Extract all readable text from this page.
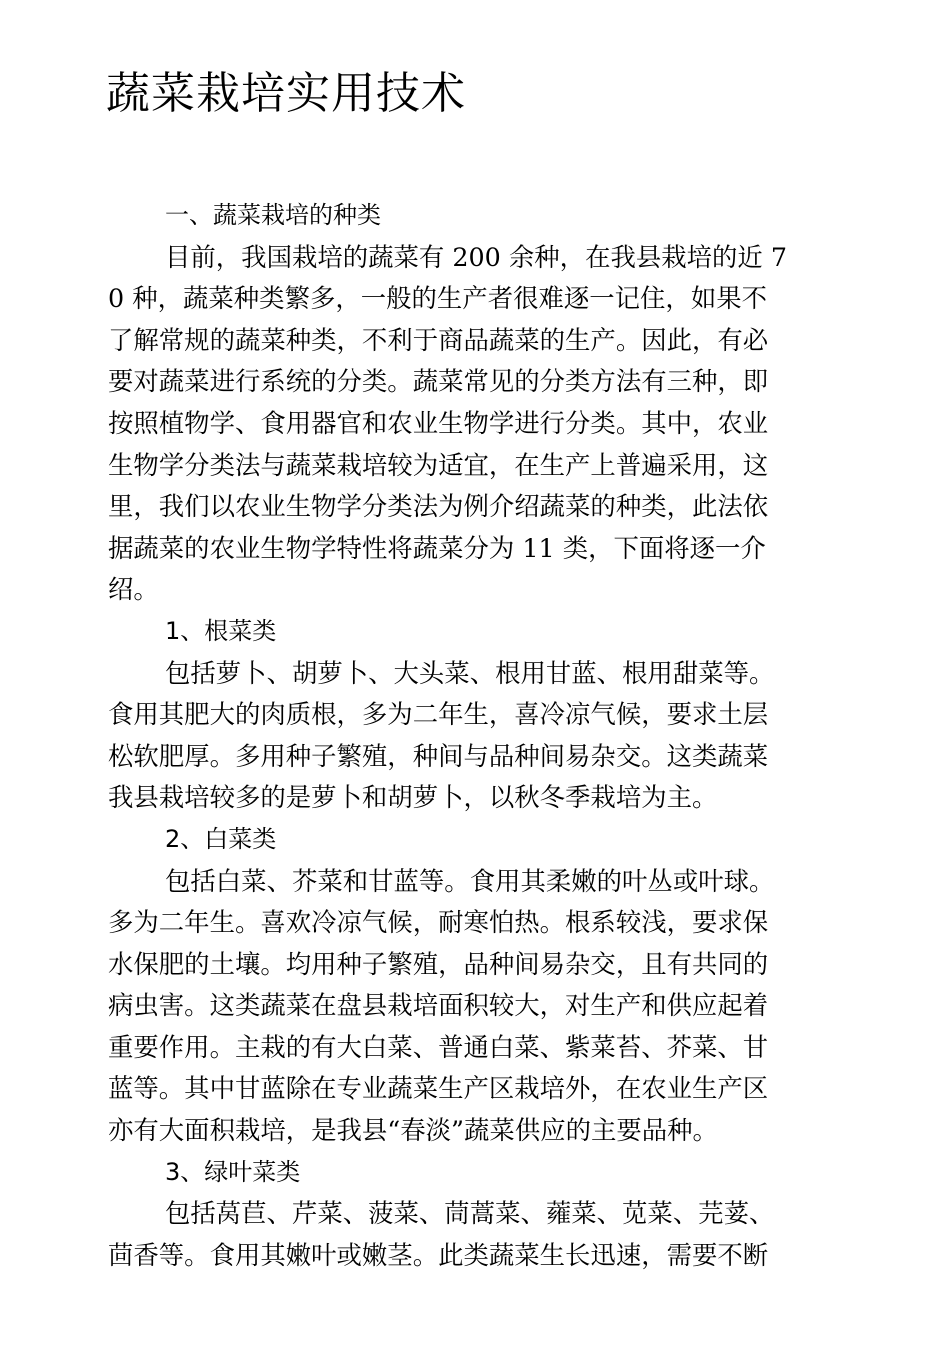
蔬菜栽培实用技术
一、蔬菜栽培的种类
目前，我国栽培的蔬菜有 200 余种，在我县栽培的近 7
0 种，蔬菜种类繁多，一般的生产者很难逐一记住，如果不
了解常规的蔬菜种类，不利于商品蔬菜的生产。因此，有必
要对蔬菜进行系统的分类。蔬菜常见的分类方法有三种，即
按照植物学、食用器官和农业生物学进行分类。其中，农业
生物学分类法与蔬菜栽培较为适宜，在生产上普遍采用，这
里，我们以农业生物学分类法为例介绍蔬菜的种类，此法依
据蔬菜的农业生物学特性将蔬菜分为 11 类，下面将逐一介
绍。
1、根菜类
包括萝卜、胡萝卜、大头菜、根用甘蓝、根用甜菜等。
食用其肥大的肉质根，多为二年生，喜冷凉气候，要求土层
松软肥厚。多用种子繁殖，种间与品种间易杂交。这类蔬菜
我县栽培较多的是萝卜和胡萝卜，以秋冬季栽培为主。
2、白菜类
包括白菜、芥菜和甘蓝等。食用其柔嫩的叶丛或叶球。
多为二年生。喜欢冷凉气候，耐寒怕热。根系较浅，要求保
水保肥的土壤。均用种子繁殖，品种间易杂交，且有共同的
病虫害。这类蔬菜在盘县栽培面积较大，对生产和供应起着
重要作用。主栽的有大白菜、普通白菜、紫菜苔、芥菜、甘
蓝等。其中甘蓝除在专业蔬菜生产区栽培外，在农业生产区
亦有大面积栽培，是我县“春淡”蔬菜供应的主要品种。
3、绿叶菜类
包括莴苣、芹菜、菠菜、茼蒿菜、蕹菜、苋菜、芫荽、
茴香等。食用其嫩叶或嫩茎。此类蔬菜生长迅速，需要不断
